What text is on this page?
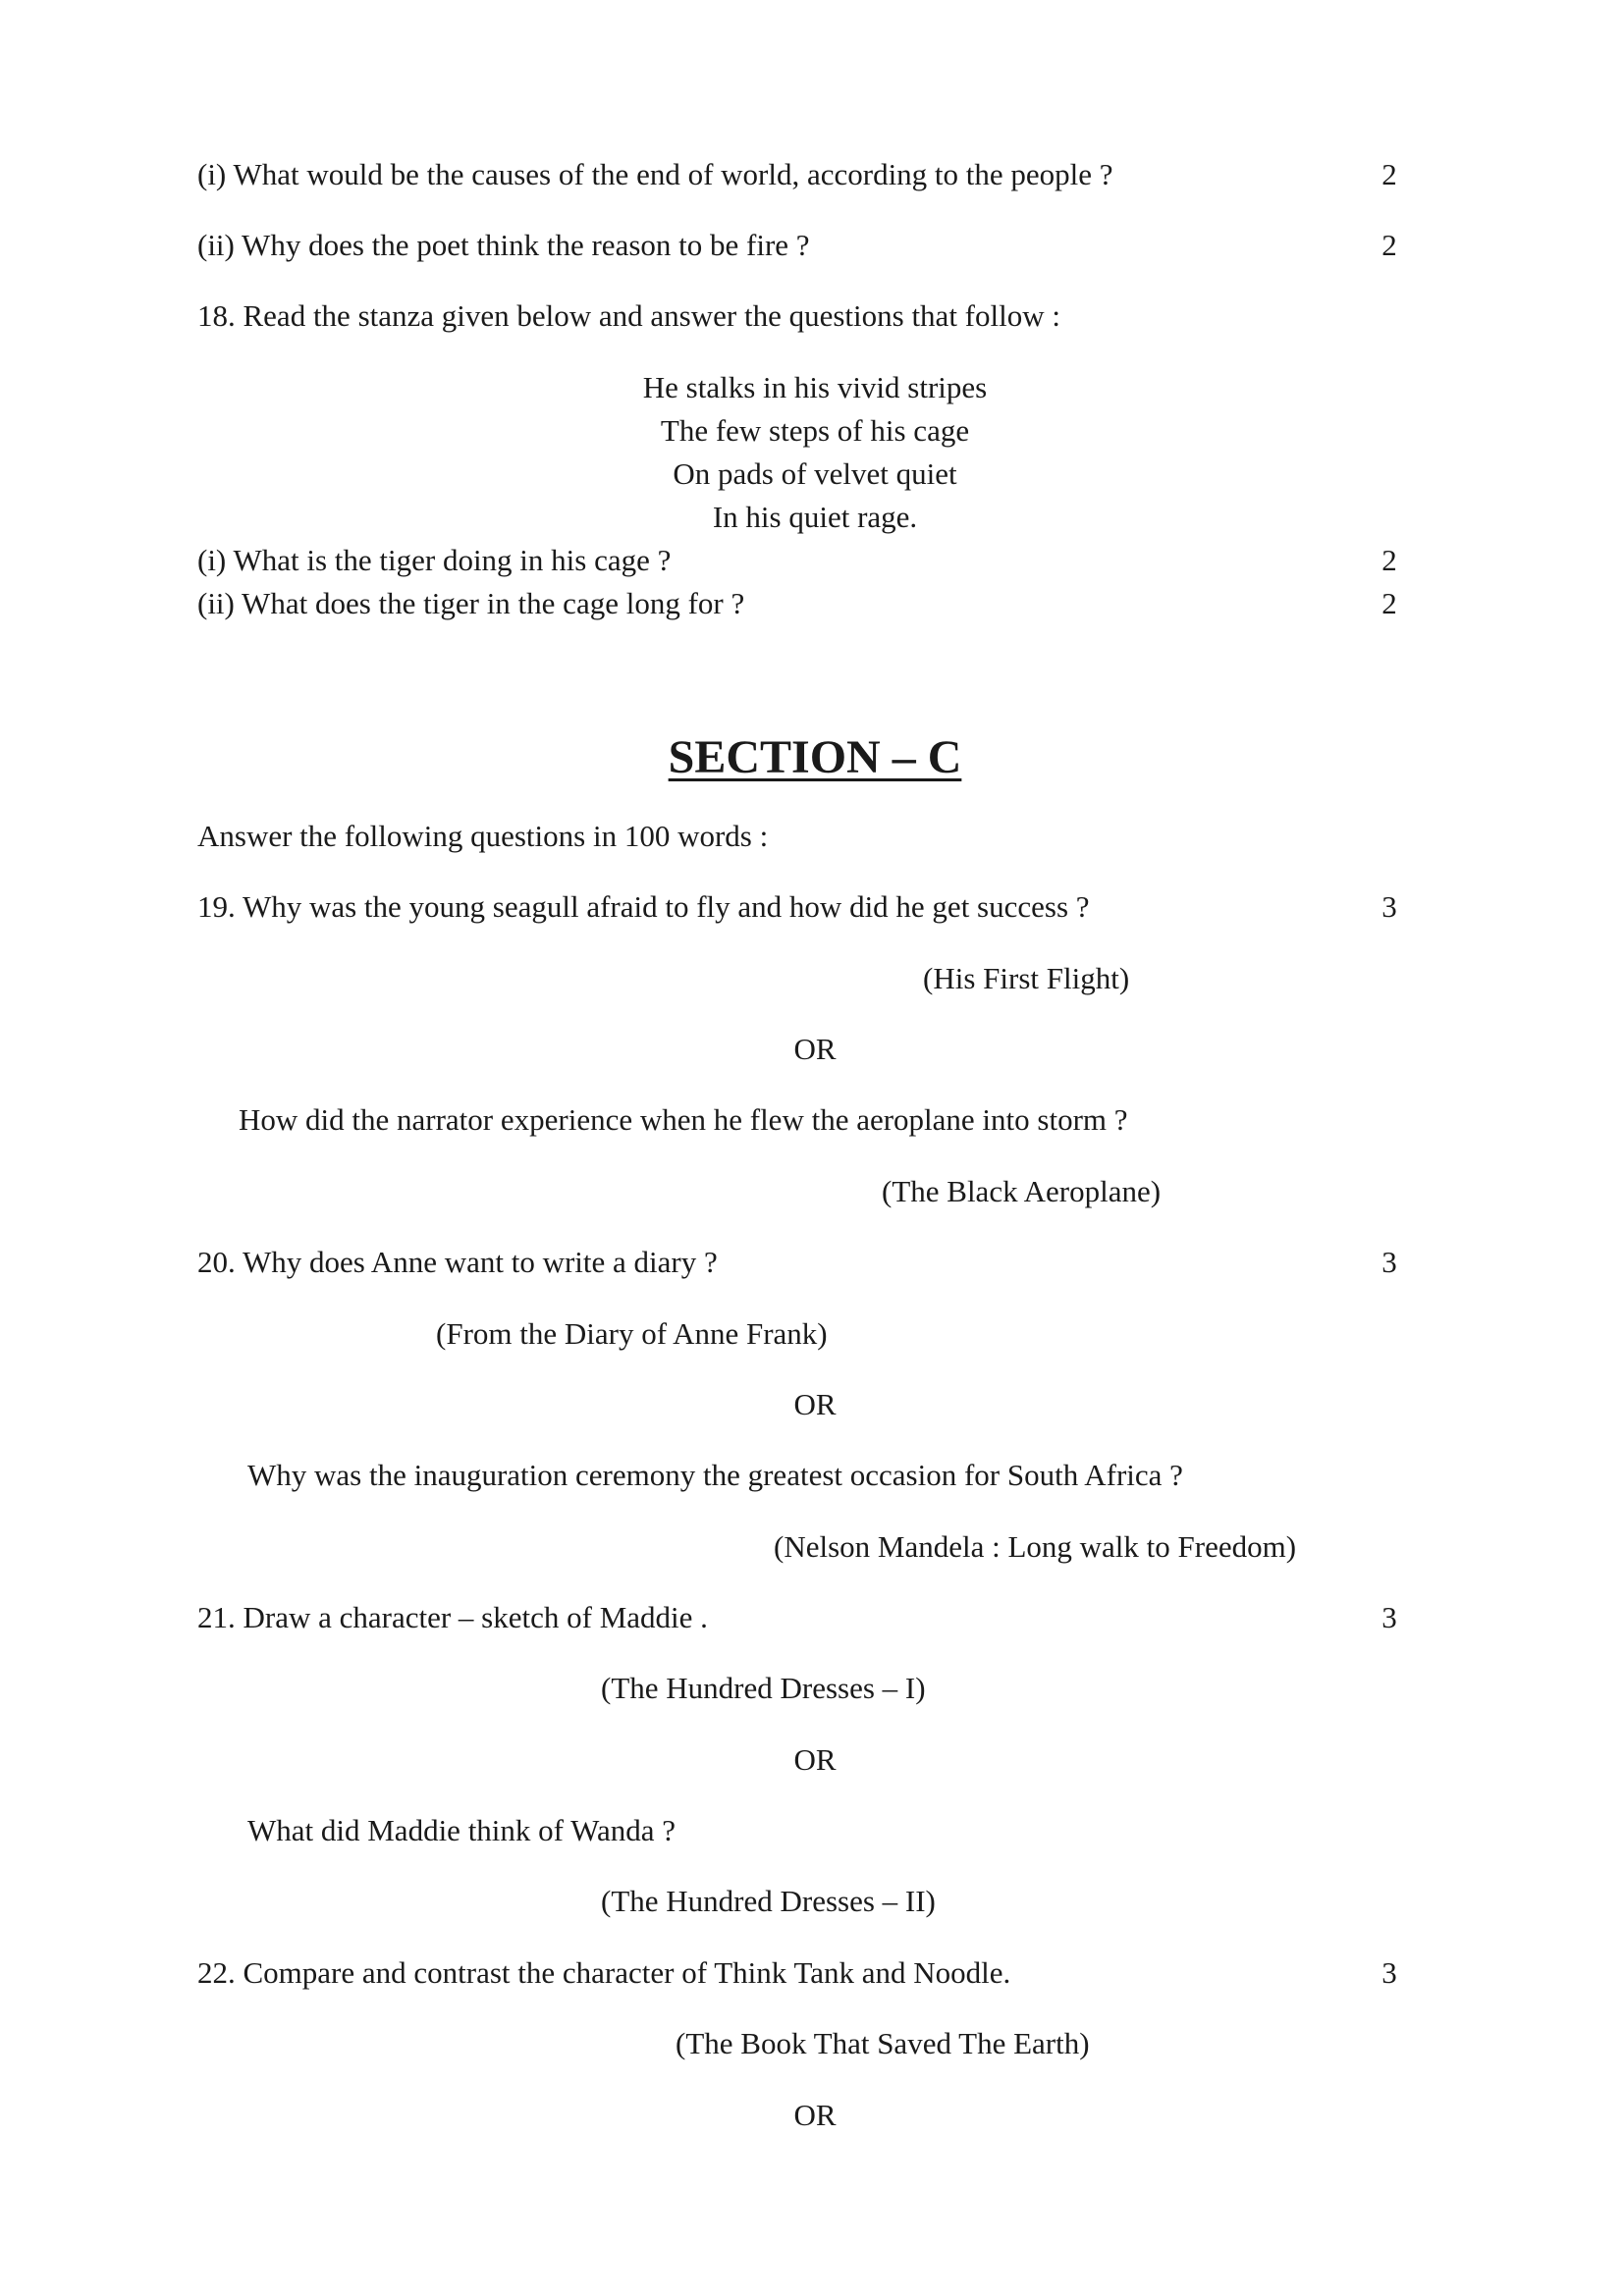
(i) What would be the causes of the end of world, according to the people ?	2
(ii) Why does the poet think the reason to be fire ?	2
18. Read the stanza given below and answer the questions that follow :
He stalks in his vivid stripes
The few steps of his cage
On pads of velvet quiet
In his quiet rage.
(i) What is the tiger doing in his cage ?	2
(ii) What does the tiger in the cage long for ?	2
SECTION – C
Answer the following questions in 100 words :
19. Why was the young seagull afraid to fly and how did he get success ?	3
(His First Flight)
OR
How did the narrator experience when he flew the aeroplane into storm ?
(The Black Aeroplane)
20. Why does Anne want to write a diary ?	3
(From the Diary of Anne Frank)
OR
Why was the inauguration ceremony the greatest occasion for South Africa ?
(Nelson Mandela : Long walk to Freedom)
21. Draw a character – sketch of Maddie .	3
(The Hundred Dresses – I)
OR
What did Maddie think of Wanda ?
(The Hundred Dresses – II)
22. Compare and contrast the character of Think Tank and Noodle.	3
(The Book That Saved The Earth)
OR
